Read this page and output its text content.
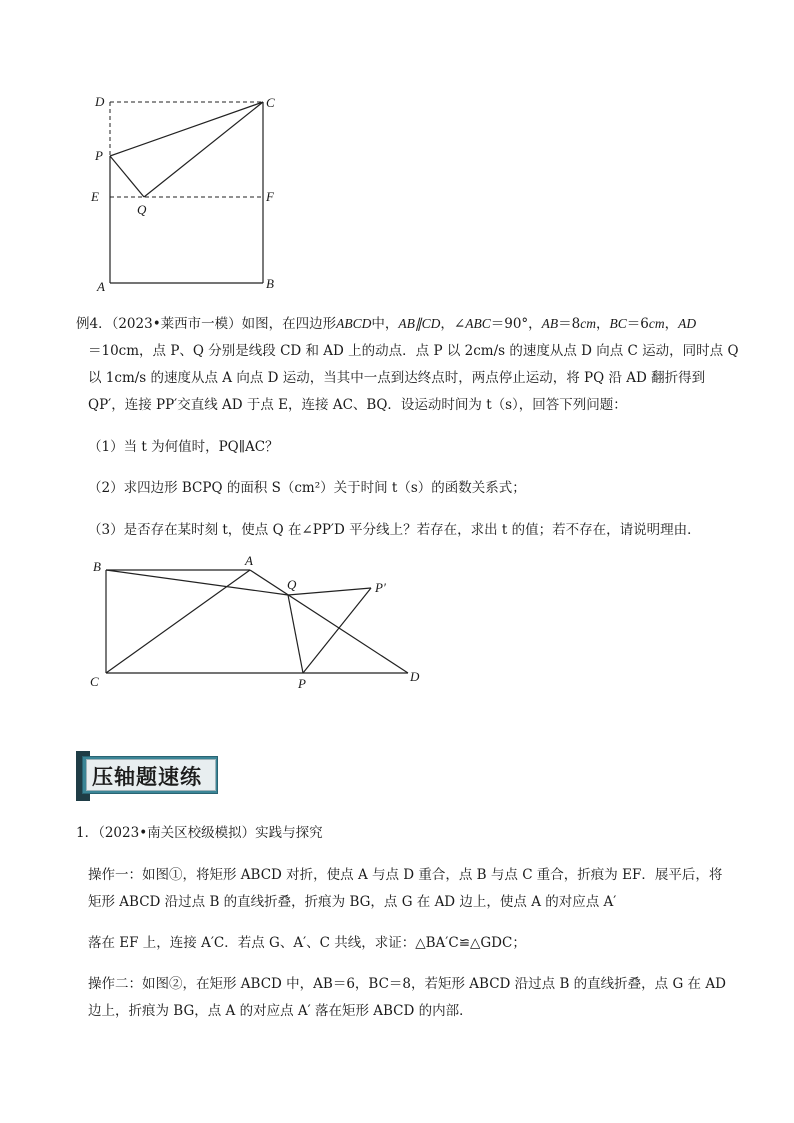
D	C
P
E	F
Q
A	B
例4．（2023•莱西市一模）如图，在四边形ABCD中，AB∥CD，∠ABC＝90°，AB＝8cm，BC＝6cm，AD
＝10cm，点 P、Q 分别是线段 CD 和 AD 上的动点．点 P 以 2cm/s 的速度从点 D 向点 C 运动，同时点 Q
以 1cm/s 的速度从点 A 向点 D 运动，当其中一点到达终点时，两点停止运动，将 PQ 沿 AD 翻折得到
QP′，连接 PP′交直线 AD 于点 E，连接 AC、BQ．设运动时间为 t（s），回答下列问题：
（1）当 t 为何值时，PQ∥AC？
（2）求四边形 BCPQ 的面积 S（cm²）关于时间 t（s）的函数关系式；
（3）是否存在某时刻 t，使点 Q 在∠PP′D 平分线上？若存在，求出 t 的值；若不存在，请说明理由．
B	A
Q	P′
C	P	D
压轴题速练
1．（2023•南关区校级模拟）实践与探究
操作一：如图①，将矩形 ABCD 对折，使点 A 与点 D 重合，点 B 与点 C 重合，折痕为 EF．展平后，将
矩形 ABCD 沿过点 B 的直线折叠，折痕为 BG，点 G 在 AD 边上，使点 A 的对应点 A′
落在 EF 上，连接 A′C．若点 G、A′、C 共线，求证：△BA′C≌△GDC；
操作二：如图②，在矩形 ABCD 中，AB＝6，BC＝8，若矩形 ABCD 沿过点 B 的直线折叠，点 G 在 AD
边上，折痕为 BG，点 A 的对应点 A′ 落在矩形 ABCD 的内部．
